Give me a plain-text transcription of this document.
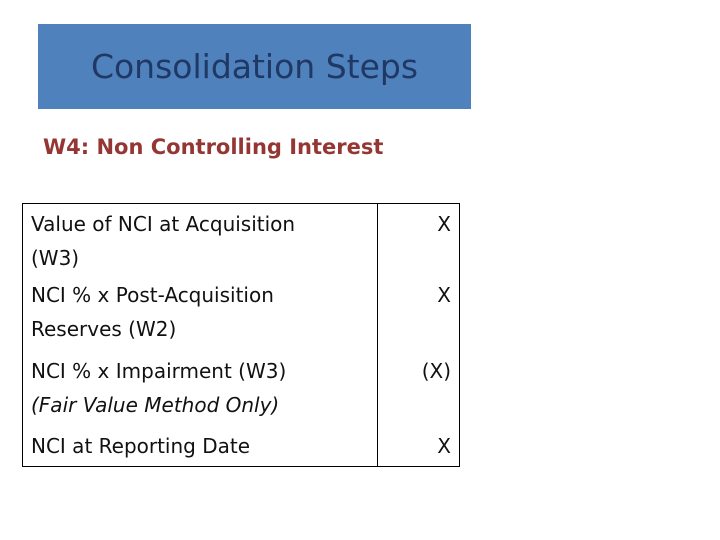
Consolidation Steps
W4: Non Controlling Interest
Value of NCI at Acquisition
(W3)	X

NCI % x Post-Acquisition
Reserves (W2)	X

NCI % x Impairment (W3)
(Fair Value Method Only)	(X)

NCI at Reporting Date	X
